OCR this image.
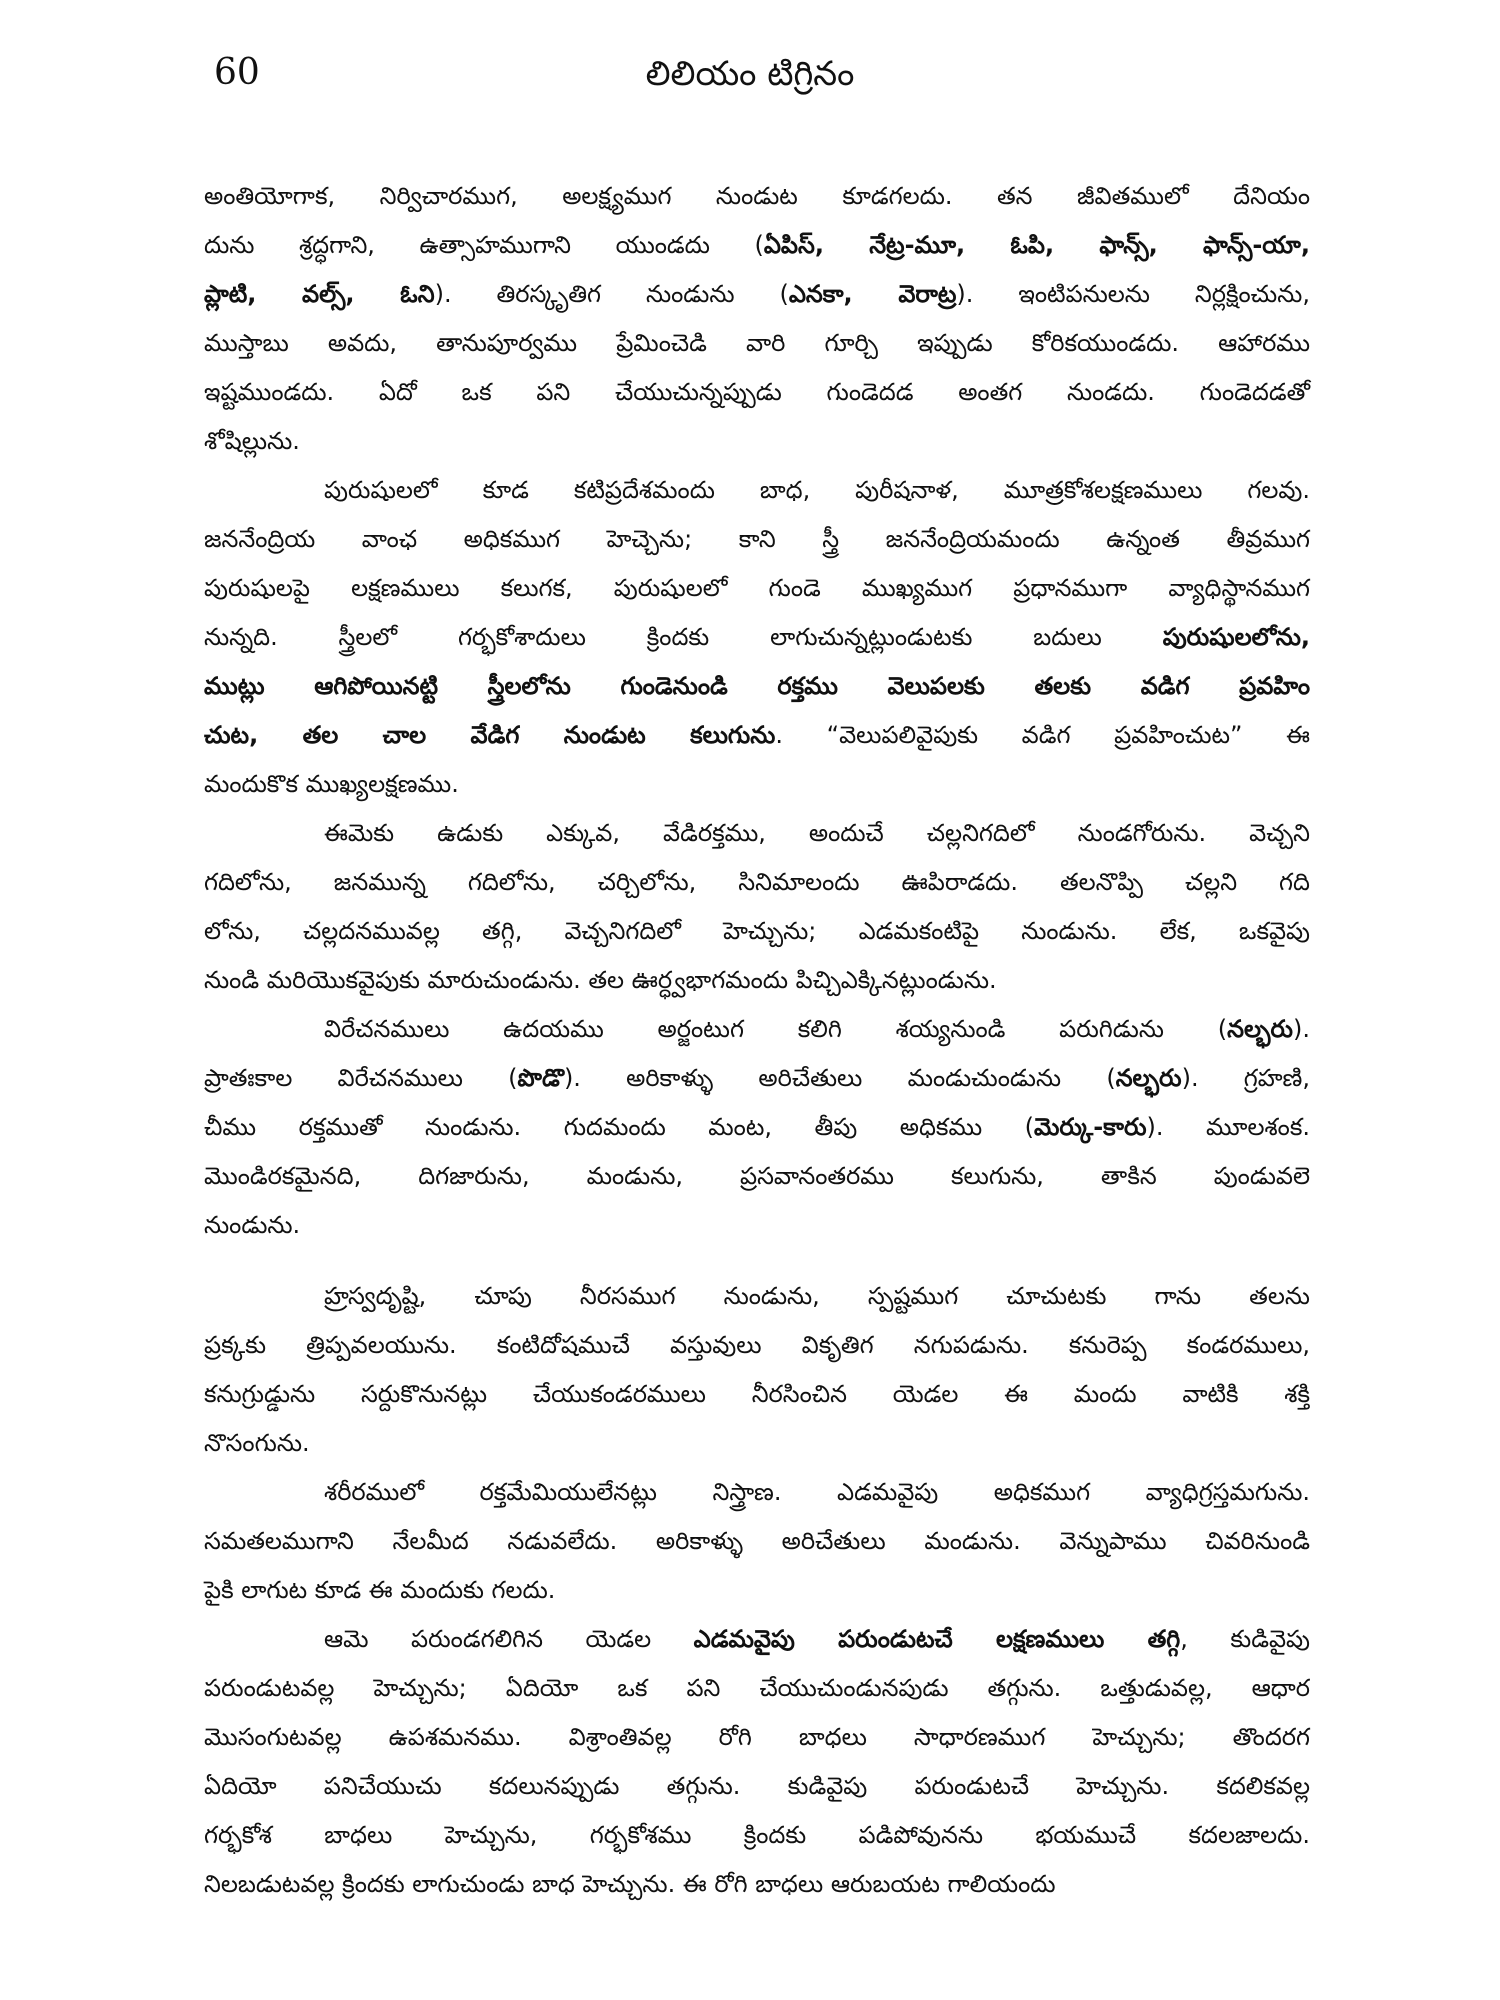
60	లిలియం టిగ్రినం
అంతియోగాక, నిర్విచారముగ, అలక్ష్యముగ నుండుట కూడగలదు. తన జీవితములో దేనియం
దును శ్రద్ధగాని, ఉత్సాహముగాని యుండదు (ఏపిస్, నేట్ర-మూ, ఓపి, ఫాన్స్, ఫాన్స్-యా,
ప్లాటి, వల్స్, ఓని). తిరస్కృతిగ నుండును (ఎనకా, వెరాట్ర). ఇంటిపనులను నిర్లక్షించును,
ముస్తాబు అవదు, తానుపూర్వము ప్రేమించెడి వారి గూర్చి ఇప్పుడు కోరికయుండదు. ఆహారము
ఇష్టముండదు. ఏదో ఒక పని చేయుచున్నప్పుడు గుండెదడ అంతగ నుండదు. గుండెదడతో
శోషిల్లును.
పురుషులలో కూడ కటిప్రదేశమందు బాధ, పురీషనాళ, మూత్రకోశలక్షణములు గలవు.
జననేంద్రియ వాంఛ అధికముగ హెచ్చెను; కాని స్త్రీ జననేంద్రియమందు ఉన్నంత తీవ్రముగ
పురుషులపై లక్షణములు కలుగక, పురుషులలో గుండె ముఖ్యముగ ప్రధానముగా వ్యాధిస్థానముగ
నున్నది. స్త్రీలలో గర్భకోశాదులు క్రిందకు లాగుచున్నట్లుండుటకు బదులు పురుషులలోను,
ముట్లు ఆగిపోయినట్టి స్త్రీలలోను గుండెనుండి రక్తము వెలుపలకు తలకు వడిగ ప్రవహిం
చుట, తల చాల వేడిగ నుండుట కలుగును. “వెలుపలివైపుకు వడిగ ప్రవహించుట” ఈ
మందుకొక ముఖ్యలక్షణము.
ఈమెకు ఉడుకు ఎక్కువ, వేడిరక్తము, అందుచే చల్లనిగదిలో నుండగోరును. వెచ్చని
గదిలోను, జనమున్న గదిలోను, చర్చిలోను, సినిమాలందు ఊపిరాడదు. తలనొప్పి చల్లని గది
లోను, చల్లదనమువల్ల తగ్గి, వెచ్చనిగదిలో హెచ్చును; ఎడమకంటిపై నుండును. లేక, ఒకవైపు
నుండి మరియొకవైపుకు మారుచుండును. తల ఊర్ధ్వభాగమందు పిచ్చిఎక్కినట్లుండును.
విరేచనములు ఉదయము అర్జంటుగ కలిగి శయ్యనుండి పరుగిడును (నల్భరు).
ప్రాతఃకాల విరేచనములు (పొడొ). అరికాళ్ళు అరిచేతులు మండుచుండును (నల్భరు). గ్రహణి,
చీము రక్తముతో నుండును. గుదమందు మంట, తీపు అధికము (మెర్కు-కారు). మూలశంక.
మొండిరకమైనది, దిగజారును, మండును, ప్రసవానంతరము కలుగును, తాకిన పుండువలె
నుండును.
హ్రస్వదృష్టి, చూపు నీరసముగ నుండును, స్పష్టముగ చూచుటకు గాను తలను
ప్రక్కకు త్రిప్పవలయును. కంటిదోషముచే వస్తువులు వికృతిగ నగుపడును. కనురెప్ప కండరములు,
కనుగ్రుడ్డును సర్దుకొనునట్లు చేయుకండరములు నీరసించిన యెడల ఈ మందు వాటికి శక్తి
నొసంగును.
శరీరములో రక్తమేమియులేనట్లు నిస్త్రాణ. ఎడమవైపు అధికముగ వ్యాధిగ్రస్తమగును.
సమతలముగాని నేలమీద నడువలేదు. అరికాళ్ళు అరిచేతులు మండును. వెన్నుపాము చివరినుండి
పైకి లాగుట కూడ ఈ మందుకు గలదు.
ఆమె పరుండగలిగిన యెడల ఎడమవైపు పరుండుటచే లక్షణములు తగ్గి, కుడివైపు
పరుండుటవల్ల హెచ్చును; ఏదియో ఒక పని చేయుచుండునపుడు తగ్గును. ఒత్తుడువల్ల, ఆధార
మొసంగుటవల్ల ఉపశమనము. విశ్రాంతివల్ల రోగి బాధలు సాధారణముగ హెచ్చును; తొందరగ
ఏదియో పనిచేయుచు కదలునప్పుడు తగ్గును. కుడివైపు పరుండుటచే హెచ్చును. కదలికవల్ల
గర్భకోశ బాధలు హెచ్చును, గర్భకోశము క్రిందకు పడిపోవునను భయముచే కదలజాలదు.
నిలబడుటవల్ల క్రిందకు లాగుచుండు బాధ హెచ్చును. ఈ రోగి బాధలు ఆరుబయట గాలియందు
